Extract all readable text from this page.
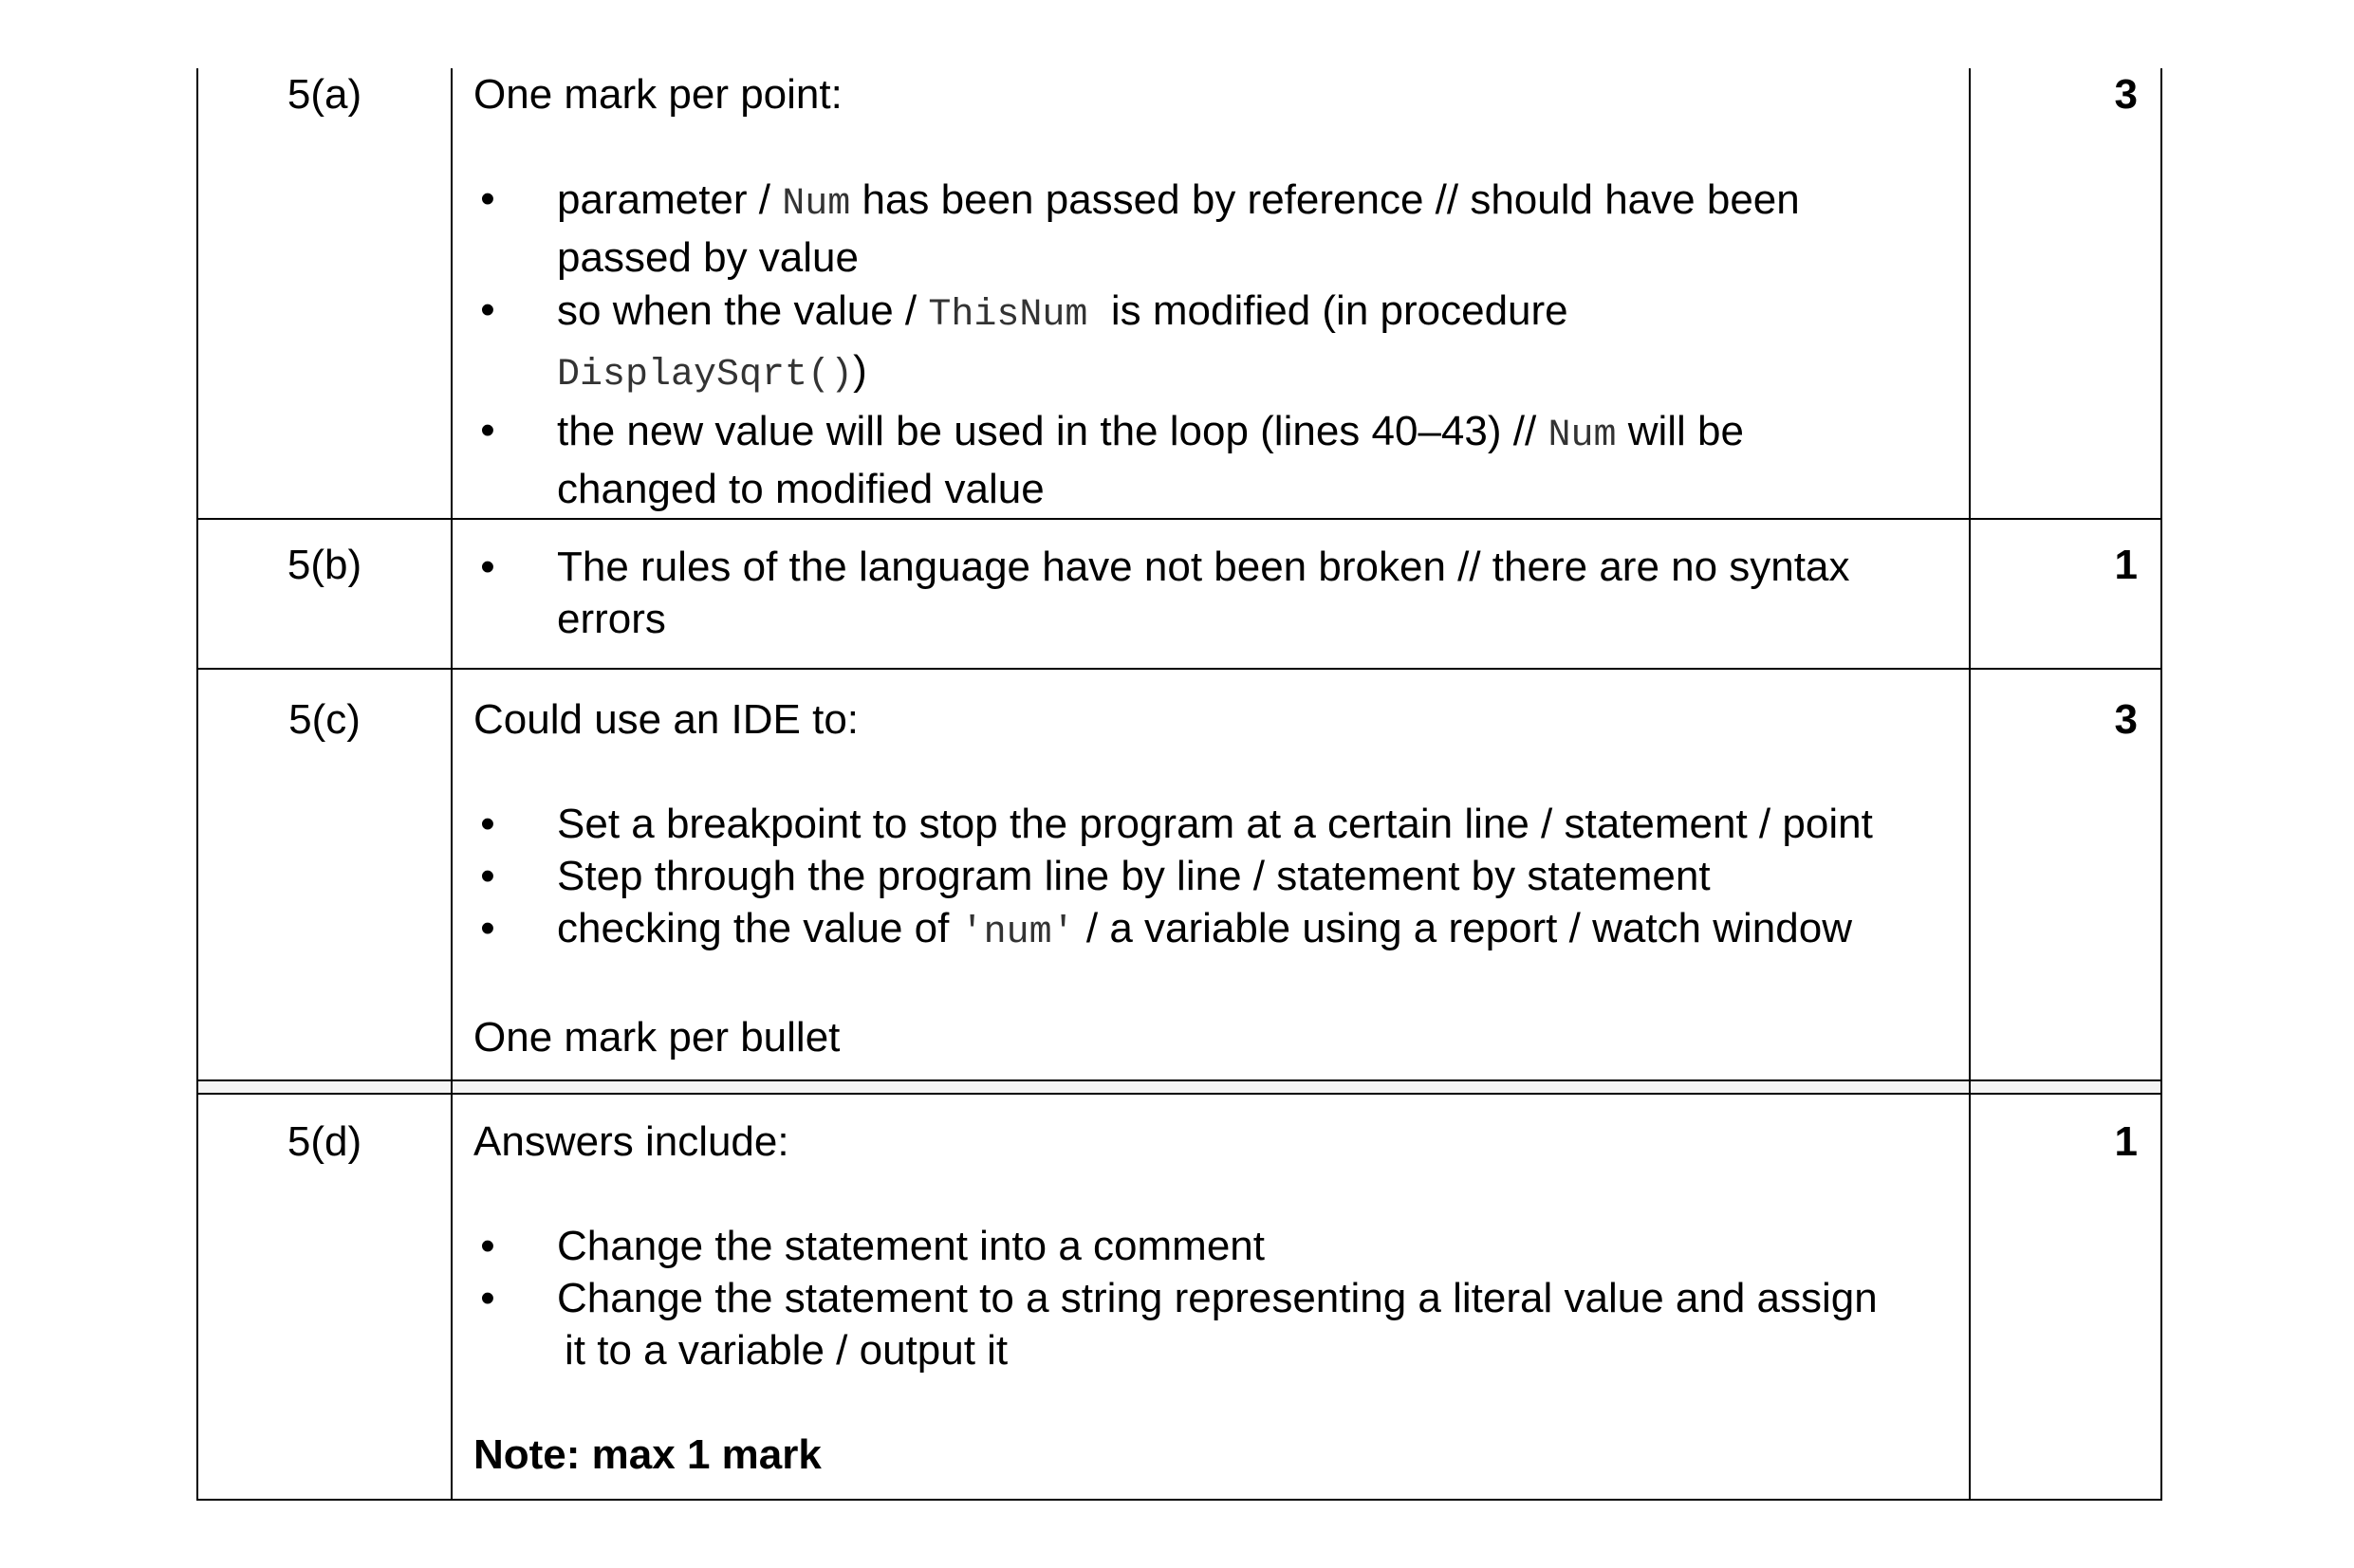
5(a)	3

One mark per point:

• parameter / Num has been passed by reference // should have been
passed by value
• so when the value / ThisNum is modified (in procedure
DisplaySqrt())
• the new value will be used in the loop (lines 40–43) // Num will be
changed to modified value
5(b)	1
• The rules of the language have not been broken // there are no syntax
errors
5(c)	3

Could use an IDE to:

• Set a breakpoint to stop the program at a certain line / statement / point
• Step through the program line by line / statement by statement
• checking the value of 'num' / a variable using a report / watch window

One mark per bullet

5(d)	1

Answers include:

• Change the statement into a comment
• Change the statement to a string representing a literal value and assign
it to a variable / output it

Note: max 1 mark
